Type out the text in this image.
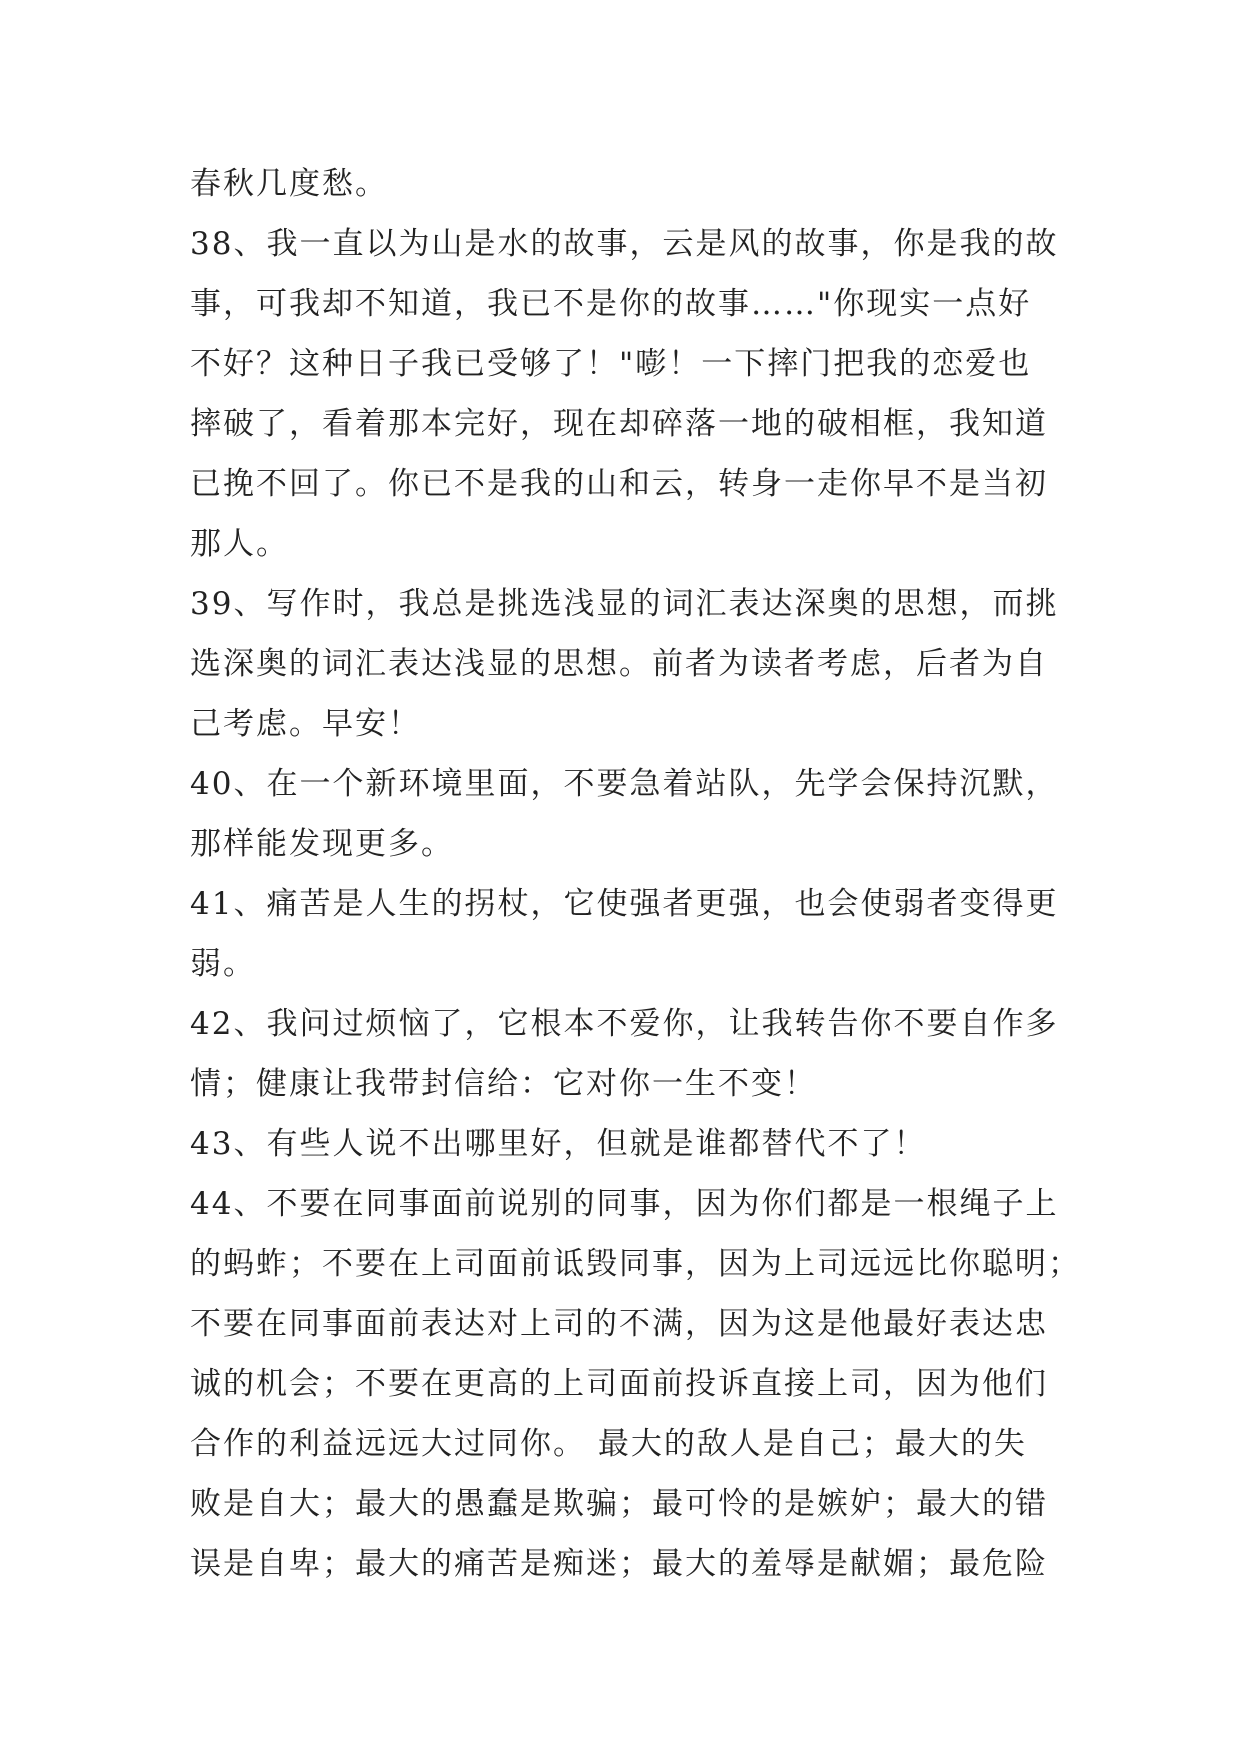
春秋几度愁。
38、我一直以为山是水的故事，云是风的故事，你是我的故
事，可我却不知道，我已不是你的故事……"你现实一点好
不好？这种日子我已受够了！"嘭！一下摔门把我的恋爱也
摔破了，看着那本完好，现在却碎落一地的破相框，我知道
已挽不回了。你已不是我的山和云，转身一走你早不是当初
那人。
39、写作时，我总是挑选浅显的词汇表达深奥的思想，而挑
选深奥的词汇表达浅显的思想。前者为读者考虑，后者为自
己考虑。早安！
40、在一个新环境里面，不要急着站队，先学会保持沉默，
那样能发现更多。
41、痛苦是人生的拐杖，它使强者更强，也会使弱者变得更
弱。
42、我问过烦恼了，它根本不爱你，让我转告你不要自作多
情；健康让我带封信给：它对你一生不变！
43、有些人说不出哪里好，但就是谁都替代不了！
44、不要在同事面前说别的同事，因为你们都是一根绳子上
的蚂蚱；不要在上司面前诋毁同事，因为上司远远比你聪明；
不要在同事面前表达对上司的不满，因为这是他最好表达忠
诚的机会；不要在更高的上司面前投诉直接上司，因为他们
合作的利益远远大过同你。 最大的敌人是自己；最大的失
败是自大；最大的愚蠢是欺骗；最可怜的是嫉妒；最大的错
误是自卑；最大的痛苦是痴迷；最大的羞辱是献媚；最危险
